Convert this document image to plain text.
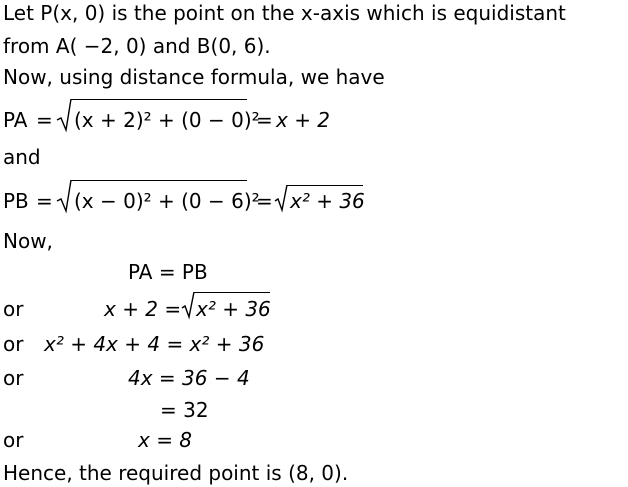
Let P(x, 0) is the point on the x-axis which is equidistant
from A( −2, 0) and B(0, 6).
Now, using distance formula, we have
PA = (x + 2)² + (0 − 0)²
= x + 2
and
PB = (x − 0)² + (0 − 6)²
= x² + 36
Now,
PA = PB
or	x + 2 = x² + 36
or x² + 4x + 4 = x² + 36
or	4x = 36 − 4
= 32
or	x = 8
Hence, the required point is (8, 0).
